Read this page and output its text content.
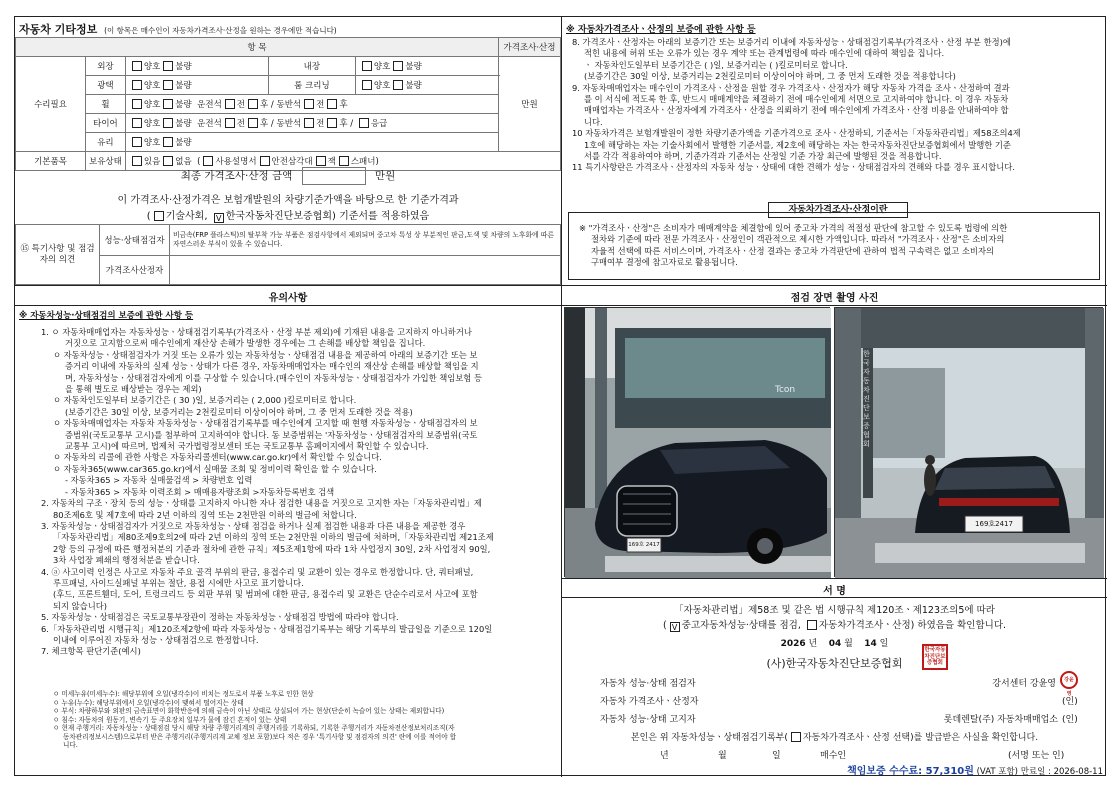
자동차 기타정보 (이 항목은 매수인이 자동차가격조사·산정을 원하는 경우에만 적습니다)
항 목					가격조사·산정
수리필요	외장	양호 불량	내장	양호 불량	만원
	광택	양호 불량	룸 크리닝	양호 불량	
	휠	양호 불량 운전석 전 후 / 동반석 전 후			
	타이어	양호 불량 운전석 전 후 / 동반석 전 후 / 응급			
	유리	양호 불량			
기본품목	보유상태	있음 없음  ( 사용설명서 안전삼각대 잭 스패너)			
최종 가격조사·산정 금액	만원
이 가격조사·산정가격은 보험개발원의 차량기준가액을 바탕으로 한 기준가격과
( 기술사회, V 한국자동차진단보증협회) 기준서를 적용하였음
⑮ 특기사항 및 점검자의 의견	성능·상태점검자	비금속(FRP 플라스틱)의 탈부착 가능 부품은 점검사항에서 제외되며 중고차 특성 상 부분적인 판금,도색 및 차량의 노후화에 따른 자연스러운 부식이 있을 수 있습니다.
	가격조사산정자	
※ 자동차가격조사ㆍ산정의 보증에 관한 사항 등
8. 가격조사ㆍ산정자는 아래의 보증기간 또는 보증거리 이내에 자동차성능ㆍ상태점검기록부(가격조사ㆍ산정 부분 한정)에
적힌 내용에 허위 또는 오류가 있는 경우 계약 또는 관계법령에 따라 매수인에 대하여 책임을 집니다.
ㆍ 자동차인도일부터 보증기간은 ( )일, 보증거리는 ( )킬로미터로 합니다.
(보증기간은 30일 이상, 보증거리는 2천킬로미터 이상이어야 하며, 그 중 먼저 도래한 것을 적용합니다)
9. 자동차매매업자는 매수인이 가격조사ㆍ산정을 원할 경우 가격조사ㆍ산정자가 해당 자동차 가격을 조사ㆍ산정하여 결과
를 이 서식에 적도록 한 후, 반드시 매매계약을 체결하기 전에 매수인에게 서면으로 고지하여야 합니다. 이 경우 자동차
매매업자는 가격조사ㆍ산정자에게 가격조사ㆍ산정을 의뢰하기 전에 매수인에게 가격조사ㆍ산정 비용을 안내하여야 합
니다.
10 자동차가격은 보험개발원이 정한 차량기준가액을 기준가격으로 조사ㆍ산정하되, 기준서는「자동차관리법」제58조의4제
1호에 해당하는 자는 기술사회에서 발행한 기준서를, 제2호에 해당하는 자는 한국자동차진단보증협회에서 발행한 기준
서를 각각 적용하여야 하며, 기준가격과 기준서는 산정일 기준 가장 최근에 발행된 것을 적용합니다.
11 특기사항란은 가격조사ㆍ산정자의 자동차 성능ㆍ상태에 대한 견해가 성능ㆍ상태점검자의 견해와 다를 경우 표시합니다.
자동차가격조사·산정이란
※ "가격조사ㆍ산정"은 소비자가 매매계약을 체결함에 있어 중고차 가격의 적절성 판단에 참고할 수 있도록 법령에 의한
절차와 기준에 따라 전문 가격조사ㆍ산정인이 객관적으로 제시한 가액입니다. 따라서 "가격조사ㆍ산정"은 소비자의
자율적 선택에 따른 서비스이며, 가격조사ㆍ산정 결과는 중고차 가격판단에 관하여 법적 구속력은 없고 소비자의
구매여부 결정에 참고자료로 활용됩니다.
유의사항
※ 자동차성능·상태점검의 보증에 관한 사항 등
1. ㅇ 자동차매매업자는 자동차성능ㆍ상태점검기록부(가격조사ㆍ산정 부분 제외)에 기재된 내용을 고지하지 아니하거나
거짓으로 고지함으로써 매수인에게 재산상 손해가 발생한 경우에는 그 손해를 배상할 책임을 집니다.
ㅇ 자동차성능ㆍ상태점검자가 거짓 또는 오류가 있는 자동차성능ㆍ상태점검 내용을 제공하여 아래의 보증기간 또는 보
증거리 이내에 자동차의 실제 성능ㆍ상태가 다른 경우, 자동차매매업자는 매수인의 재산상 손해를 배상할 책임을 지
며, 자동차성능ㆍ상태점검자에게 이를 구상할 수 있습니다.(매수인이 자동차성능ㆍ상태점검자가 가입한 책임보험 등
을 통해 별도로 배상받는 경우는 제외)
ㅇ 자동차인도일부터 보증기간은 ( 30 )일, 보증거리는 ( 2,000 )킬로미터로 합니다.
(보증기간은 30일 이상, 보증거리는 2천킬로미터 이상이어야 하며, 그 중 먼저 도래한 것을 적용)
ㅇ 자동차매매업자는 자동차 자동차성능ㆍ상태점검기록부를 매수인에게 고지할 때 현행 자동차성능ㆍ상태점검자의 보
증범위(국토교통부 고시)를 첨부하여 고지하여야 합니다. 동 보증범위는 '자동차성능ㆍ상태점검자의 보증범위(국토
교통부 고시)에 따르며, 법제처 국가법령정보센터 또는 국토교통부 홈페이지에서 확인할 수 있습니다.
ㅇ 자동차의 리콜에 관한 사항은 자동차리콜센터(www.car.go.kr)에서 확인할 수 있습니다.
ㅇ 자동차365(www.car365.go.kr)에서 실매물 조회 및 정비이력 확인을 할 수 있습니다.
- 자동차365 > 자동차 실매물검색 > 차량번호 입력
- 자동차365 > 자동차 이력조회 > 매매용자량조회 >자동차등록번호 검색
2. 자동차의 구조ㆍ장치 등의 성능ㆍ상태를 고지하지 아니한 자나 점검한 내용을 거짓으로 고지한 자는「자동차관리법」제
80조제6호 및 제7호에 따라 2년 이하의 징역 또는 2천만원 이하의 벌금에 처합니다.
3. 자동차성능ㆍ상태점검자가 거짓으로 자동차성능ㆍ상태 점검을 하거나 실제 점검한 내용과 다른 내용을 제공한 경우
「자동차관리법」제80조제9호의2에 따라 2년 이하의 징역 또는 2천만원 이하의 벌금에 처하며,「자동차관리법 제21조제
2항 등의 규정에 따른 행정처분의 기준과 절차에 관한 규칙」제5조제1항에 따라 1차 사업정지 30일, 2차 사업정지 90일,
3차 사업장 폐쇄의 행정처분을 받습니다.
4. ⓐ 사고이력 인정은 사고로 자동차 주요 골격 부위의 판금, 용접수리 및 교환이 있는 경우로 한정합니다. 단, 쿼터패널,
루프패널, 사이드실패널 부위는 절단, 용접 시에만 사고로 표기합니다.
(후드, 프론트휀더, 도어, 트렁크리드 등 외판 부위 및 범퍼에 대한 판금, 용접수리 및 교환은 단순수리로서 사고에 포함
되지 않습니다)
5. 자동차성능ㆍ상태점검은 국토교통부장관이 정하는 자동차성능ㆍ상태점검 방법에 따라야 합니다.
6.「자동차관리법 시행규칙」제120조제2항에 따라 자동차성능ㆍ상태점검기록부는 해당 기록부의 발급일을 기준으로 120일
이내에 이루어진 자동차 성능ㆍ상태점검으로 한정합니다.
7. 체크항목 판단기준(예시)
ㅇ 미세누유(미세누수): 해당부위에 오일(냉각수)이 비치는 정도로서 부품 노후로 인한 현상
ㅇ 누유(누수): 해당부위에서 오일(냉각수)이 맺혀서 떨어지는 상태
ㅇ 부식: 차량하부와 외판의 금속표면이 화학반응에 의해 금속이 아닌 상태로 상실되어 가는 현상(단순히 녹슬어 있는 상태는 제외합니다)
ㅇ 침수: 자동차의 원동기, 변속기 등 주요장치 일부가 물에 잠긴 흔적이 있는 상태
ㅇ 현재 주행거리: 자동차성능ㆍ상태점검 당시 해당 차량 주행거리계의 주행거리를 기록하되, 기록한 주행거리가 자동차전산정보처리조직(자
동차관리정보시스템)으로부터 받은 주행거리(주행거리계 교체 정보 포함)보다 적은 경우 '특기사항 및 점검자의 의견' 란에 이를 적어야 합
니다.
점검 장면 촬영 사진
Tcon
169호 2417
169호2417
한국자동차진단보증협회
서 명
「자동차관리법」제58조 및 같은 법 시행규칙 제120조ㆍ제123조의5에 따라
( V 중고자동차성능·상태를 점검, 자동차가격조사ㆍ산정) 하였음을 확인합니다.
2026 년 04 월 14 일
(사)한국자동차진단보증협회
한국자동차진단보증협회
자동차 성능·상태 점검자	강서센터 강윤영	강윤영
자동차 가격조사ㆍ산정자	(인)
자동차 성능·상태 고지자	롯데렌탈(주) 자동차매매업소 (인)
본인은 위 자동차성능ㆍ상태점검기록부( 자동차가격조사ㆍ산정 선택)를 발급받은 사실을 확인합니다.
년	월	일	매수인	(서명 또는 인)
책임보증 수수료: 57,310원 (VAT 포함) 만료일 : 2026-08-11
